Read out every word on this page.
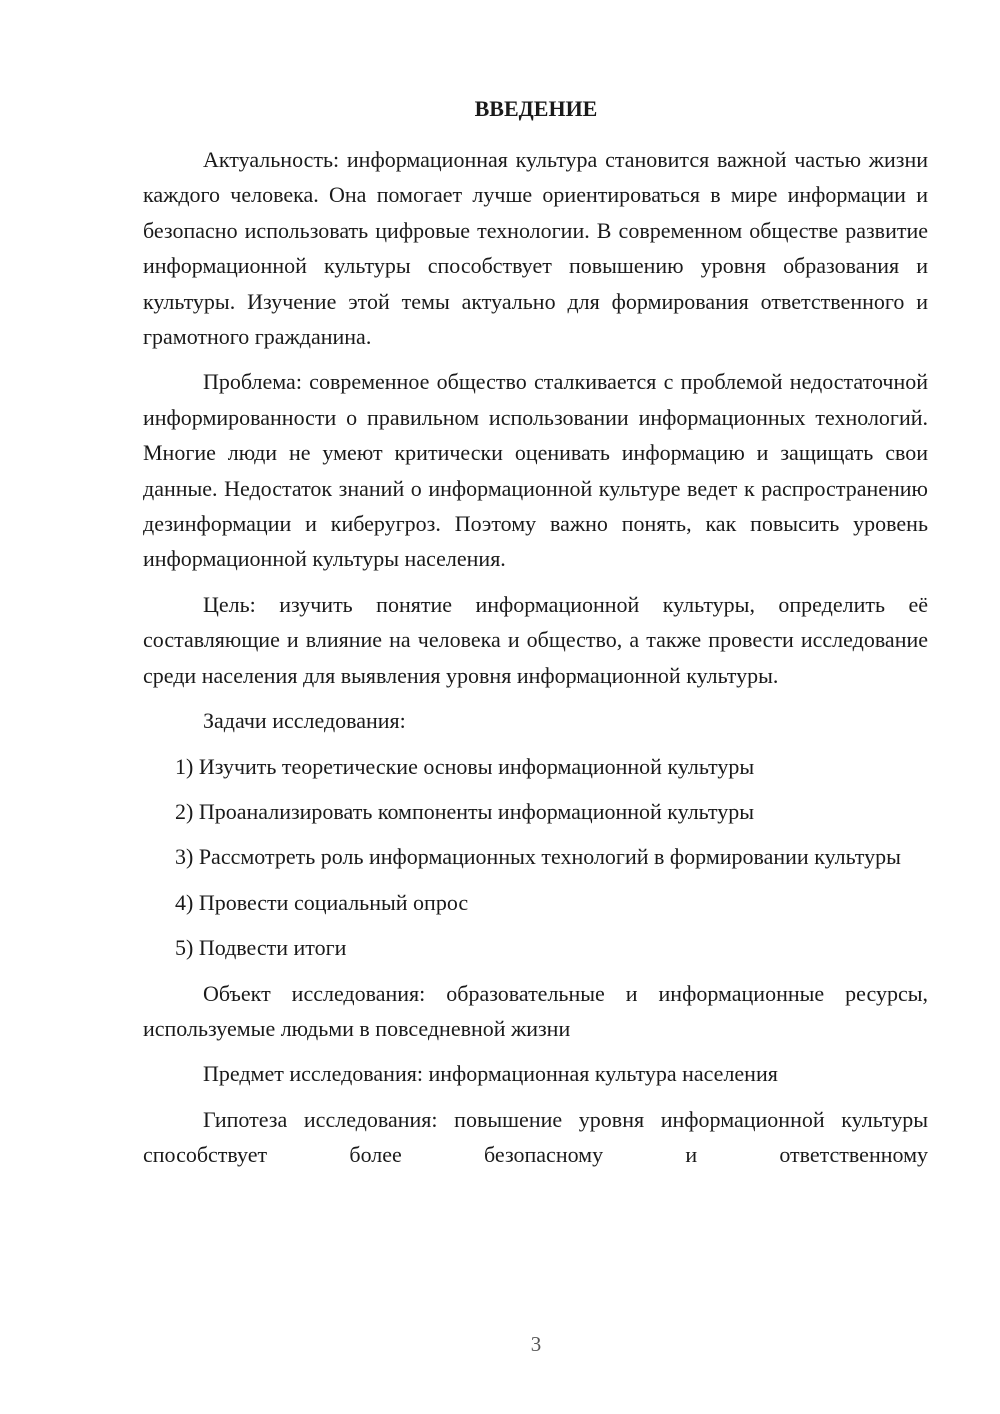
ВВЕДЕНИЕ

Актуальность: информационная культура становится важной частью жизни каждого человека. Она помогает лучше ориентироваться в мире информации и безопасно использовать цифровые технологии. В современном обществе развитие информационной культуры способствует повышению уровня образования и культуры. Изучение этой темы актуально для формирования ответственного и грамотного гражданина.

Проблема: современное общество сталкивается с проблемой недостаточной информированности о правильном использовании информационных технологий. Многие люди не умеют критически оценивать информацию и защищать свои данные. Недостаток знаний о информационной культуре ведет к распространению дезинформации и киберугроз. Поэтому важно понять, как повысить уровень информационной культуры населения.

Цель: изучить понятие информационной культуры, определить её составляющие и влияние на человека и общество, а также провести исследование среди населения для выявления уровня информационной культуры.

Задачи исследования:

1) Изучить теоретические основы информационной культуры

2) Проанализировать компоненты информационной культуры

3) Рассмотреть роль информационных технологий в формировании культуры

4) Провести социальный опрос

5) Подвести итоги

Объект исследования: образовательные и информационные ресурсы, используемые людьми в повседневной жизни

Предмет исследования: информационная культура населения

Гипотеза исследования: повышение уровня информационной культуры способствует более безопасному и ответственному

3
